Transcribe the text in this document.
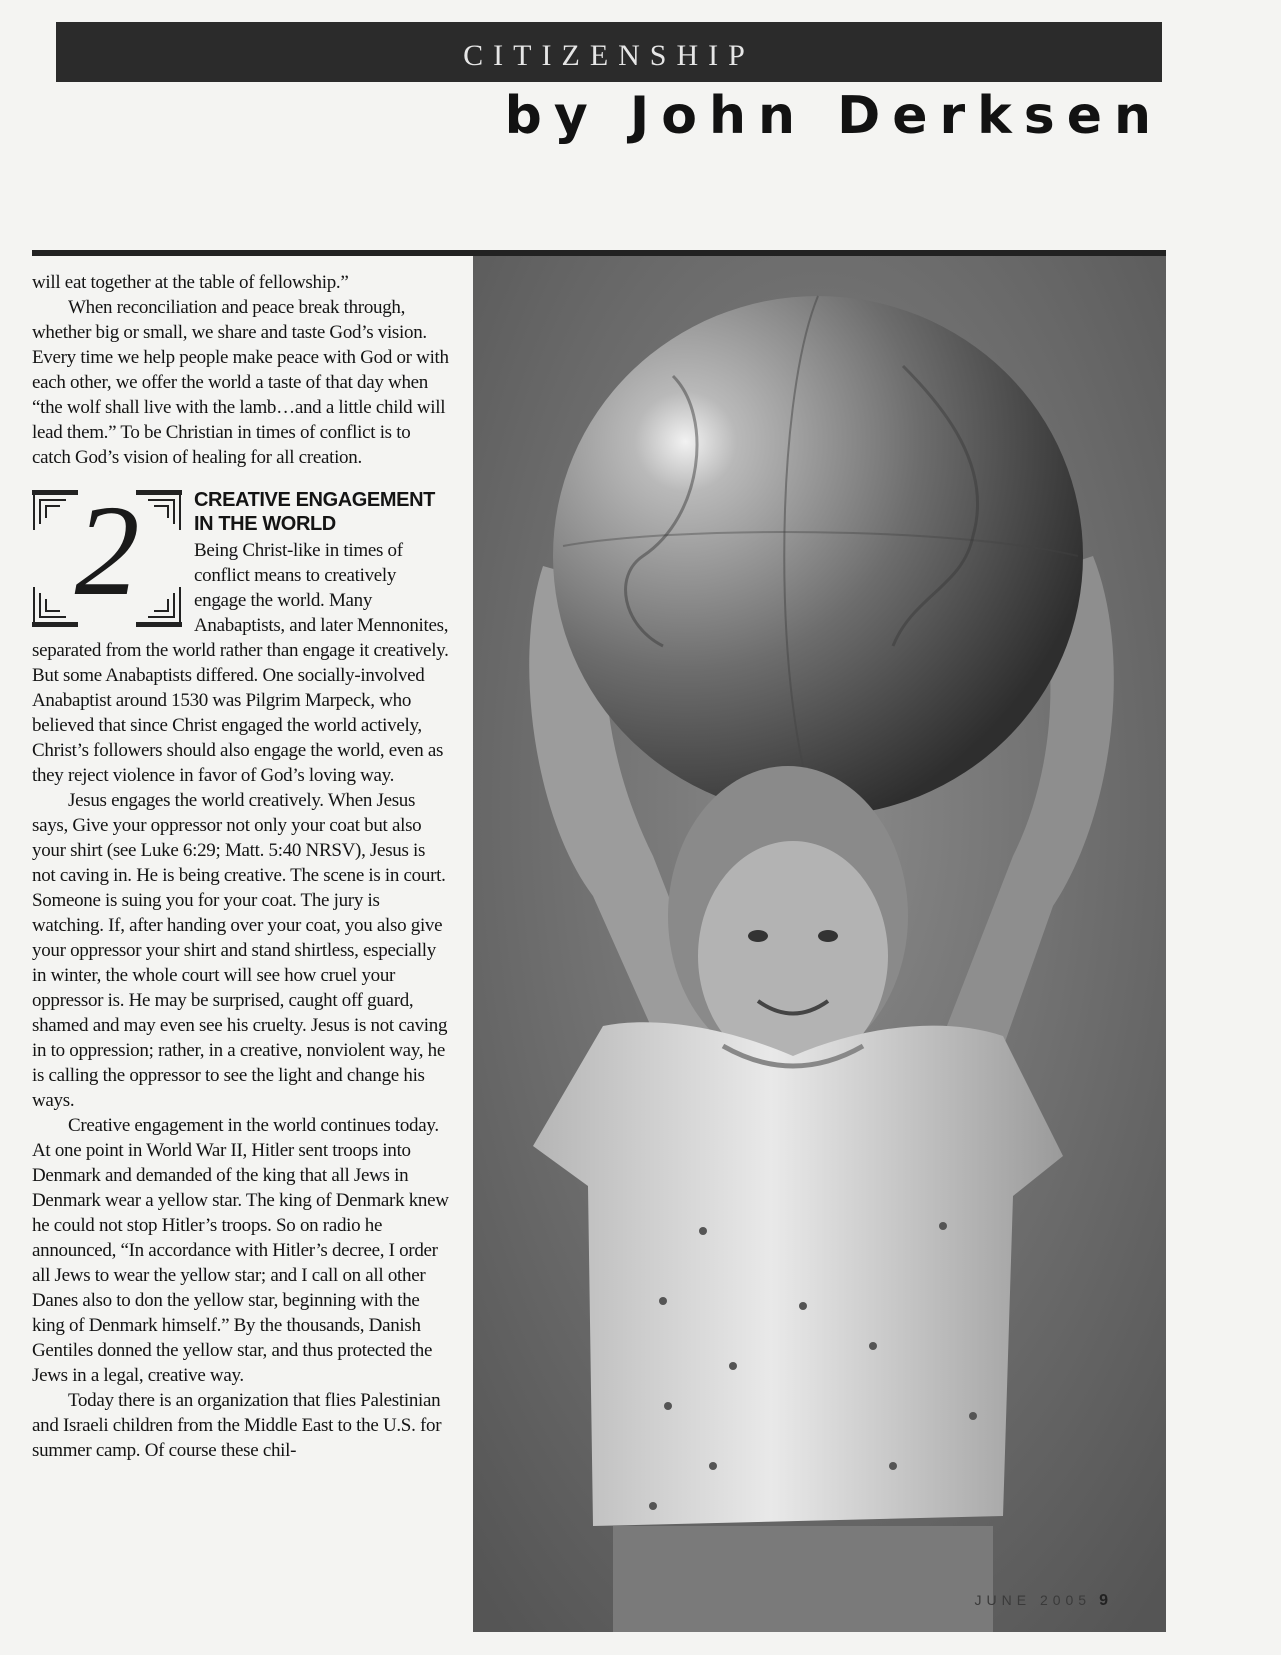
CITIZENSHIP
by John Derksen

will eat together at the table of fellowship.”

When reconciliation and peace break through, whether big or small, we share and taste God’s vision. Every time we help people make peace with God or with each other, we offer the world a taste of that day when “the wolf shall live with the lamb…and a little child will lead them.” To be Christian in times of conflict is to catch God’s vision of healing for all creation.

2	CREATIVE ENGAGEMENT IN THE WORLD

Being Christ-like in times of conflict means to creatively engage the world. Many Anabaptists, and later Mennonites, separated from the world rather than engage it creatively. But some Anabaptists differed. One socially-involved Anabaptist around 1530 was Pilgrim Marpeck, who believed that since Christ engaged the world actively, Christ’s followers should also engage the world, even as they reject violence in favor of God’s loving way.

Jesus engages the world creatively. When Jesus says, Give your oppressor not only your coat but also your shirt (see Luke 6:29; Matt. 5:40 NRSV), Jesus is not caving in. He is being creative. The scene is in court. Someone is suing you for your coat. The jury is watching. If, after handing over your coat, you also give your oppressor your shirt and stand shirtless, especially in winter, the whole court will see how cruel your oppressor is. He may be surprised, caught off guard, shamed and may even see his cruelty. Jesus is not caving in to oppression; rather, in a creative, nonviolent way, he is calling the oppressor to see the light and change his ways.

Creative engagement in the world continues today. At one point in World War II, Hitler sent troops into Denmark and demanded of the king that all Jews in Denmark wear a yellow star. The king of Denmark knew he could not stop Hitler’s troops. So on radio he announced, “In accordance with Hitler’s decree, I order all Jews to wear the yellow star; and I call on all other Danes also to don the yellow star, beginning with the king of Denmark himself.” By the thousands, Danish Gentiles donned the yellow star, and thus protected the Jews in a legal, creative way.

Today there is an organization that flies Palestinian and Israeli children from the Middle East to the U.S. for summer camp. Of course these chil-

JUNE 2005 9
